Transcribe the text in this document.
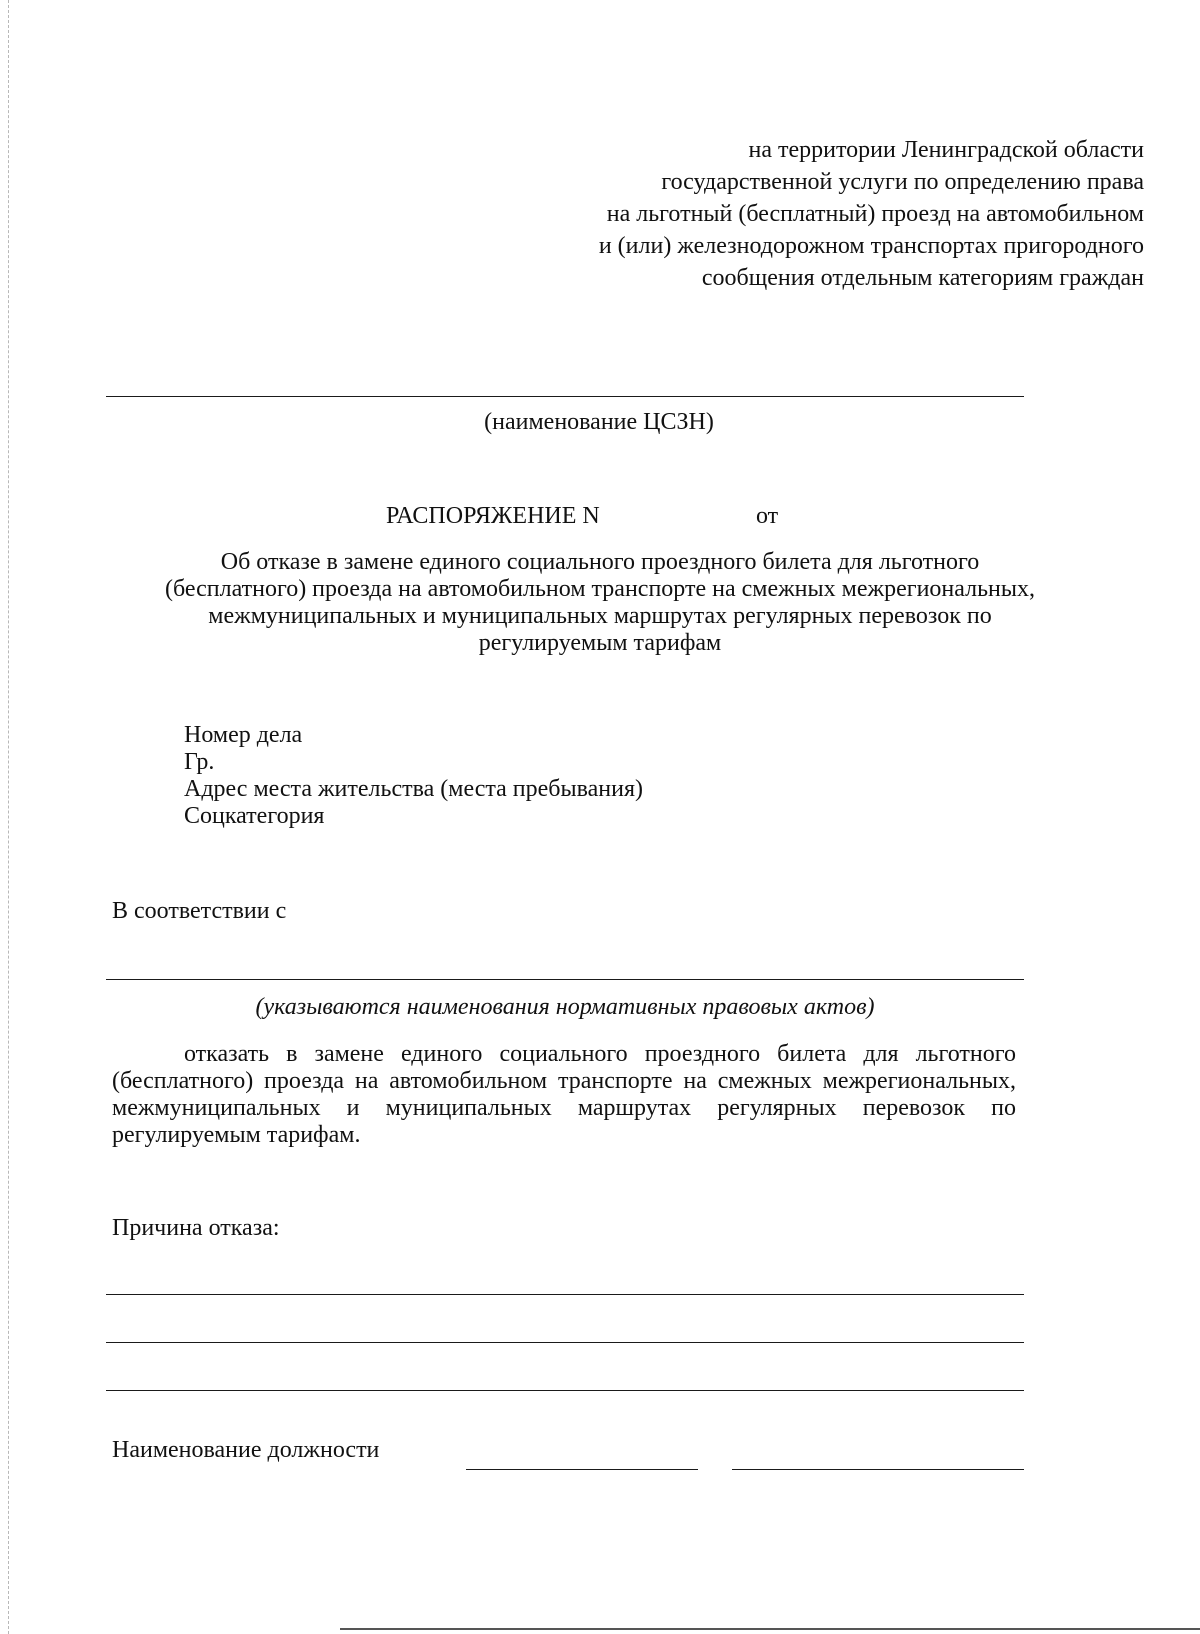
на территории Ленинградской области
государственной услуги по определению права
на льготный (бесплатный) проезд на автомобильном
и (или) железнодорожном транспортах пригородного
сообщения отдельным категориям граждан
(наименование ЦСЗН)
РАСПОРЯЖЕНИЕ N	от
Об отказе в замене единого социального проездного билета для льготного
(бесплатного) проезда на автомобильном транспорте на смежных межрегиональных,
межмуниципальных и муниципальных маршрутах регулярных перевозок по
регулируемым тарифам
Номер дела
Гр.
Адрес места жительства (места пребывания)
Соцкатегория
В соответствии с
(указываются наименования нормативных правовых актов)
отказать в замене единого социального проездного билета для льготного
(бесплатного) проезда на автомобильном транспорте на смежных межрегиональных,
межмуниципальных и муниципальных маршрутах регулярных перевозок по
регулируемым тарифам.
Причина отказа:
Наименование должности
